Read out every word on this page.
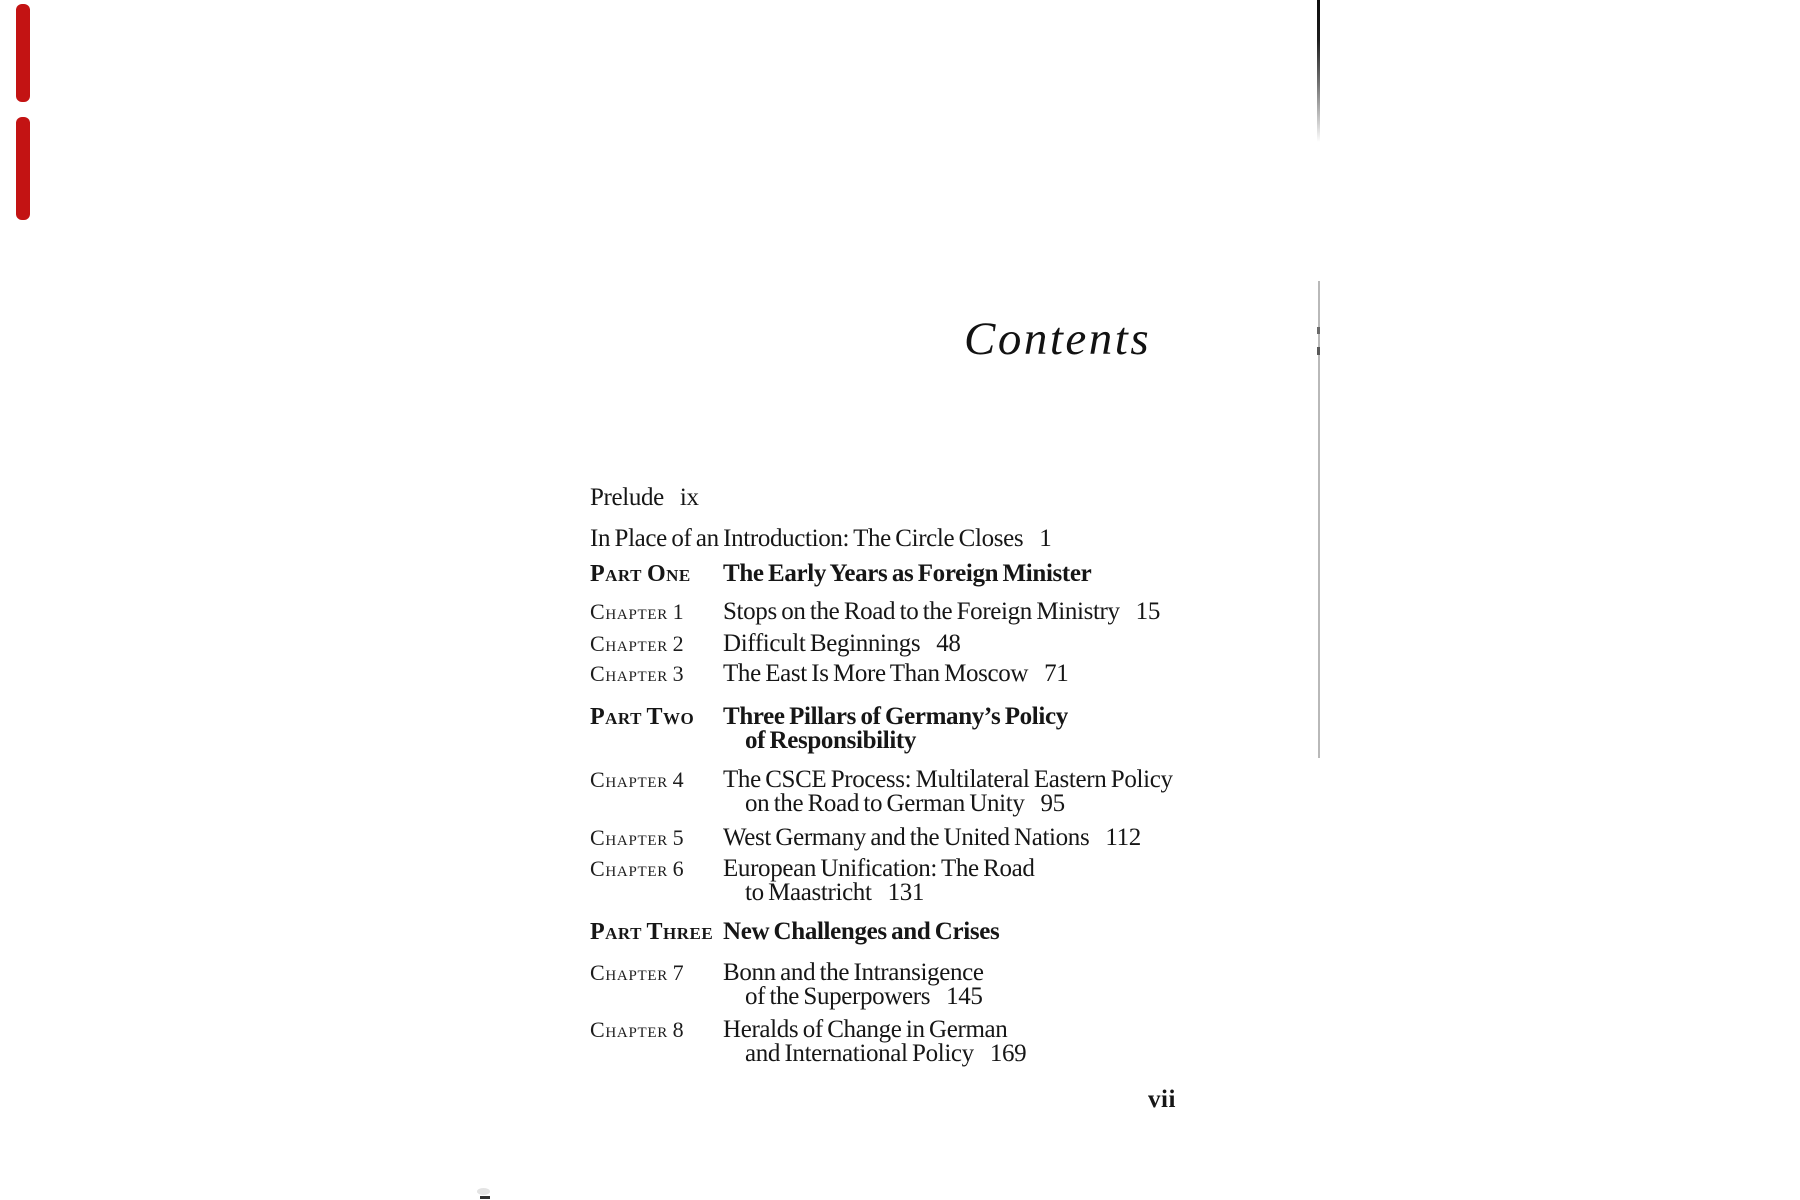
Contents
Prelude ix
In Place of an Introduction: The Circle Closes 1
Part One The Early Years as Foreign Minister
Chapter 1 Stops on the Road to the Foreign Ministry 15
Chapter 2 Difficult Beginnings 48
Chapter 3 The East Is More Than Moscow 71
Part Two Three Pillars of Germany’s Policy
of Responsibility
Chapter 4 The CSCE Process: Multilateral Eastern Policy
on the Road to German Unity 95
Chapter 5 West Germany and the United Nations 112
Chapter 6 European Unification: The Road
to Maastricht 131
Part Three New Challenges and Crises
Chapter 7 Bonn and the Intransigence
of the Superpowers 145
Chapter 8 Heralds of Change in German
and International Policy 169
vii
